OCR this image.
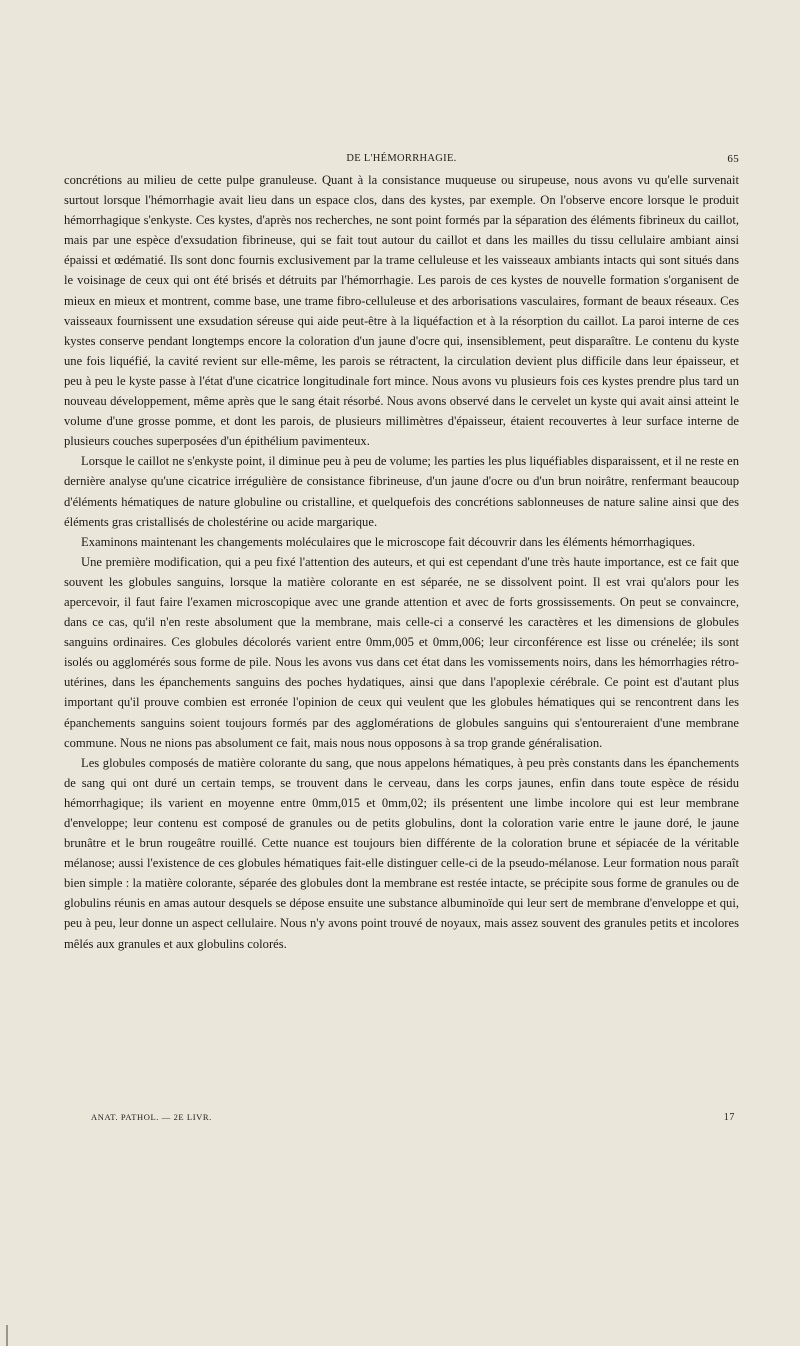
DE L'HÉMORRHAGIE.	65

concrétions au milieu de cette pulpe granuleuse. Quant à la consistance muqueuse ou sirupeuse, nous avons vu qu'elle survenait surtout lorsque l'hémorrhagie avait lieu dans un espace clos, dans des kystes, par exemple. On l'observe encore lorsque le produit hémorrhagique s'enkyste. Ces kystes, d'après nos recherches, ne sont point formés par la séparation des éléments fibrineux du caillot, mais par une espèce d'exsudation fibrineuse, qui se fait tout autour du caillot et dans les mailles du tissu cellulaire ambiant ainsi épaissi et œdématié. Ils sont donc fournis exclusivement par la trame celluleuse et les vaisseaux ambiants intacts qui sont situés dans le voisinage de ceux qui ont été brisés et détruits par l'hémorrhagie. Les parois de ces kystes de nouvelle formation s'organisent de mieux en mieux et montrent, comme base, une trame fibro-celluleuse et des arborisations vasculaires, formant de beaux réseaux. Ces vaisseaux fournissent une exsudation séreuse qui aide peut-être à la liquéfaction et à la résorption du caillot. La paroi interne de ces kystes conserve pendant longtemps encore la coloration d'un jaune d'ocre qui, insensiblement, peut disparaître. Le contenu du kyste une fois liquéfié, la cavité revient sur elle-même, les parois se rétractent, la circulation devient plus difficile dans leur épaisseur, et peu à peu le kyste passe à l'état d'une cicatrice longitudinale fort mince. Nous avons vu plusieurs fois ces kystes prendre plus tard un nouveau développement, même après que le sang était résorbé. Nous avons observé dans le cervelet un kyste qui avait ainsi atteint le volume d'une grosse pomme, et dont les parois, de plusieurs millimètres d'épaisseur, étaient recouvertes à leur surface interne de plusieurs couches superposées d'un épithélium pavimenteux.

Lorsque le caillot ne s'enkyste point, il diminue peu à peu de volume; les parties les plus liquéfiables disparaissent, et il ne reste en dernière analyse qu'une cicatrice irrégulière de consistance fibrineuse, d'un jaune d'ocre ou d'un brun noirâtre, renfermant beaucoup d'éléments hématiques de nature globuline ou cristalline, et quelquefois des concrétions sablonneuses de nature saline ainsi que des éléments gras cristallisés de cholestérine ou acide margarique.

Examinons maintenant les changements moléculaires que le microscope fait découvrir dans les éléments hémorrhagiques.

Une première modification, qui a peu fixé l'attention des auteurs, et qui est cependant d'une très haute importance, est ce fait que souvent les globules sanguins, lorsque la matière colorante en est séparée, ne se dissolvent point. Il est vrai qu'alors pour les apercevoir, il faut faire l'examen microscopique avec une grande attention et avec de forts grossissements. On peut se convaincre, dans ce cas, qu'il n'en reste absolument que la membrane, mais celle-ci a conservé les caractères et les dimensions de globules sanguins ordinaires. Ces globules décolorés varient entre 0mm,005 et 0mm,006; leur circonférence est lisse ou crénelée; ils sont isolés ou agglomérés sous forme de pile. Nous les avons vus dans cet état dans les vomissements noirs, dans les hémorrhagies rétro-utérines, dans les épanchements sanguins des poches hydatiques, ainsi que dans l'apoplexie cérébrale. Ce point est d'autant plus important qu'il prouve combien est erronée l'opinion de ceux qui veulent que les globules hématiques qui se rencontrent dans les épanchements sanguins soient toujours formés par des agglomérations de globules sanguins qui s'entoureraient d'une membrane commune. Nous ne nions pas absolument ce fait, mais nous nous opposons à sa trop grande généralisation.

Les globules composés de matière colorante du sang, que nous appelons hématiques, à peu près constants dans les épanchements de sang qui ont duré un certain temps, se trouvent dans le cerveau, dans les corps jaunes, enfin dans toute espèce de résidu hémorrhagique; ils varient en moyenne entre 0mm,015 et 0mm,02; ils présentent une limbe incolore qui est leur membrane d'enveloppe; leur contenu est composé de granules ou de petits globulins, dont la coloration varie entre le jaune doré, le jaune brunâtre et le brun rougeâtre rouillé. Cette nuance est toujours bien différente de la coloration brune et sépiacée de la véritable mélanose; aussi l'existence de ces globules hématiques fait-elle distinguer celle-ci de la pseudo-mélanose. Leur formation nous paraît bien simple : la matière colorante, séparée des globules dont la membrane est restée intacte, se précipite sous forme de granules ou de globulins réunis en amas autour desquels se dépose ensuite une substance albuminoïde qui leur sert de membrane d'enveloppe et qui, peu à peu, leur donne un aspect cellulaire. Nous n'y avons point trouvé de noyaux, mais assez souvent des granules petits et incolores mêlés aux granules et aux globulins colorés.

ANAT. PATHOL. — 2E LIVR.	17
